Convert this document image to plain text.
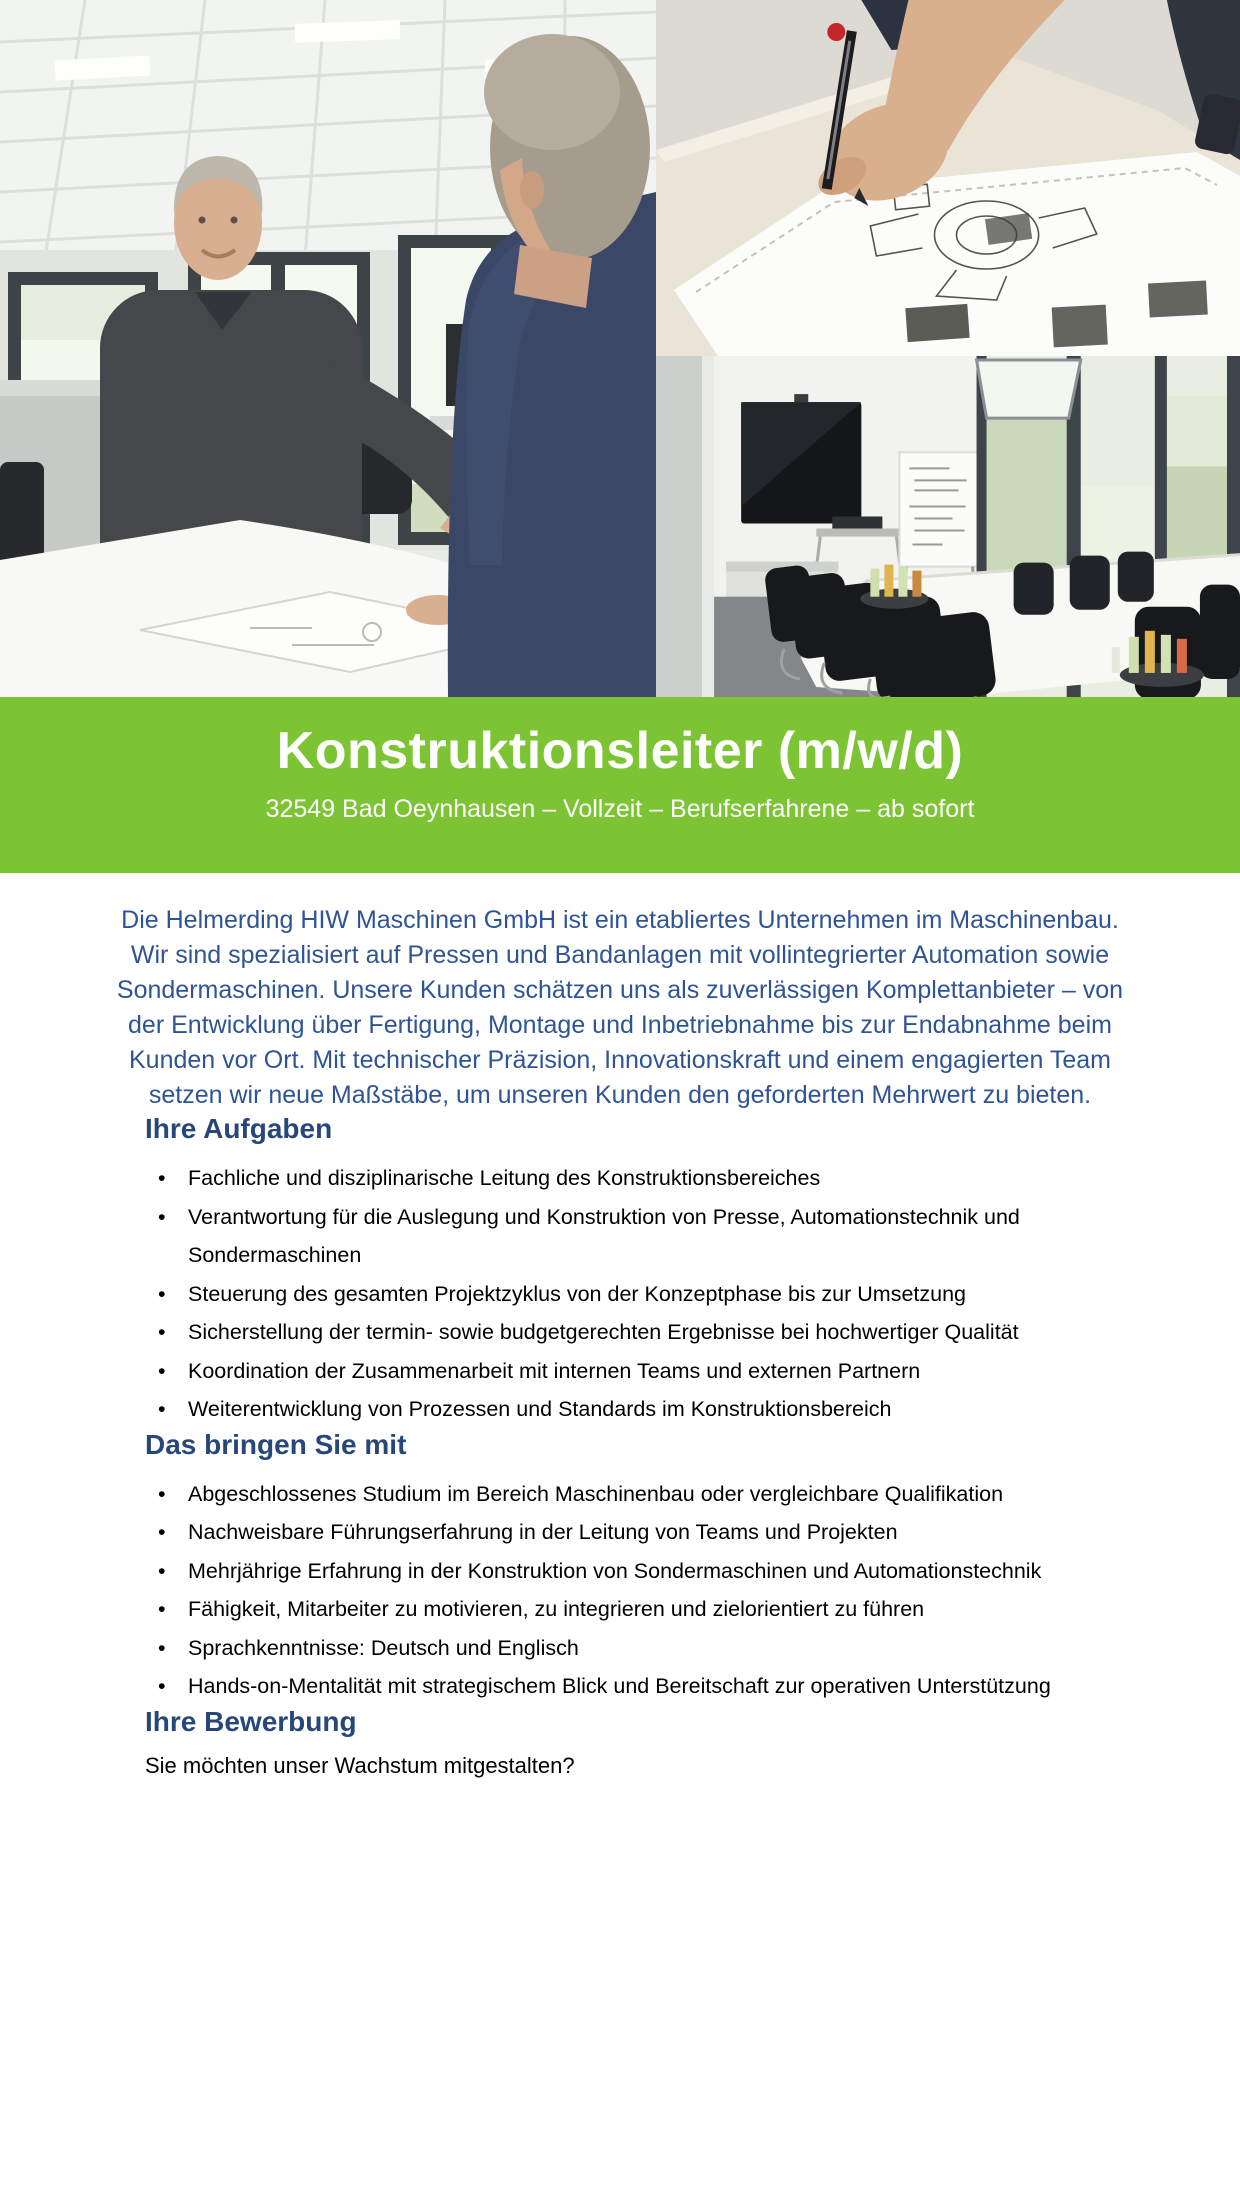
Konstruktionsleiter (m/w/d)

32549 Bad Oeynhausen – Vollzeit – Berufserfahrene – ab sofort

Die Helmerding HIW Maschinen GmbH ist ein etabliertes Unternehmen im Maschinenbau. Wir sind spezialisiert auf Pressen und Bandanlagen mit vollintegrierter Automation sowie Sondermaschinen. Unsere Kunden schätzen uns als zuverlässigen Komplettanbieter – von der Entwicklung über Fertigung, Montage und Inbetriebnahme bis zur Endabnahme beim Kunden vor Ort. Mit technischer Präzision, Innovationskraft und einem engagierten Team setzen wir neue Maßstäbe, um unseren Kunden den geforderten Mehrwert zu bieten.

Ihre Aufgaben
• Fachliche und disziplinarische Leitung des Konstruktionsbereiches
• Verantwortung für die Auslegung und Konstruktion von Presse, Automationstechnik und Sondermaschinen
• Steuerung des gesamten Projektzyklus von der Konzeptphase bis zur Umsetzung
• Sicherstellung der termin- sowie budgetgerechten Ergebnisse bei hochwertiger Qualität
• Koordination der Zusammenarbeit mit internen Teams und externen Partnern
• Weiterentwicklung von Prozessen und Standards im Konstruktionsbereich
Das bringen Sie mit
• Abgeschlossenes Studium im Bereich Maschinenbau oder vergleichbare Qualifikation
• Nachweisbare Führungserfahrung in der Leitung von Teams und Projekten
• Mehrjährige Erfahrung in der Konstruktion von Sondermaschinen und Automationstechnik
• Fähigkeit, Mitarbeiter zu motivieren, zu integrieren und zielorientiert zu führen
• Sprachkenntnisse: Deutsch und Englisch
• Hands-on-Mentalität mit strategischem Blick und Bereitschaft zur operativen Unterstützung
Ihre Bewerbung

Sie möchten unser Wachstum mitgestalten?
